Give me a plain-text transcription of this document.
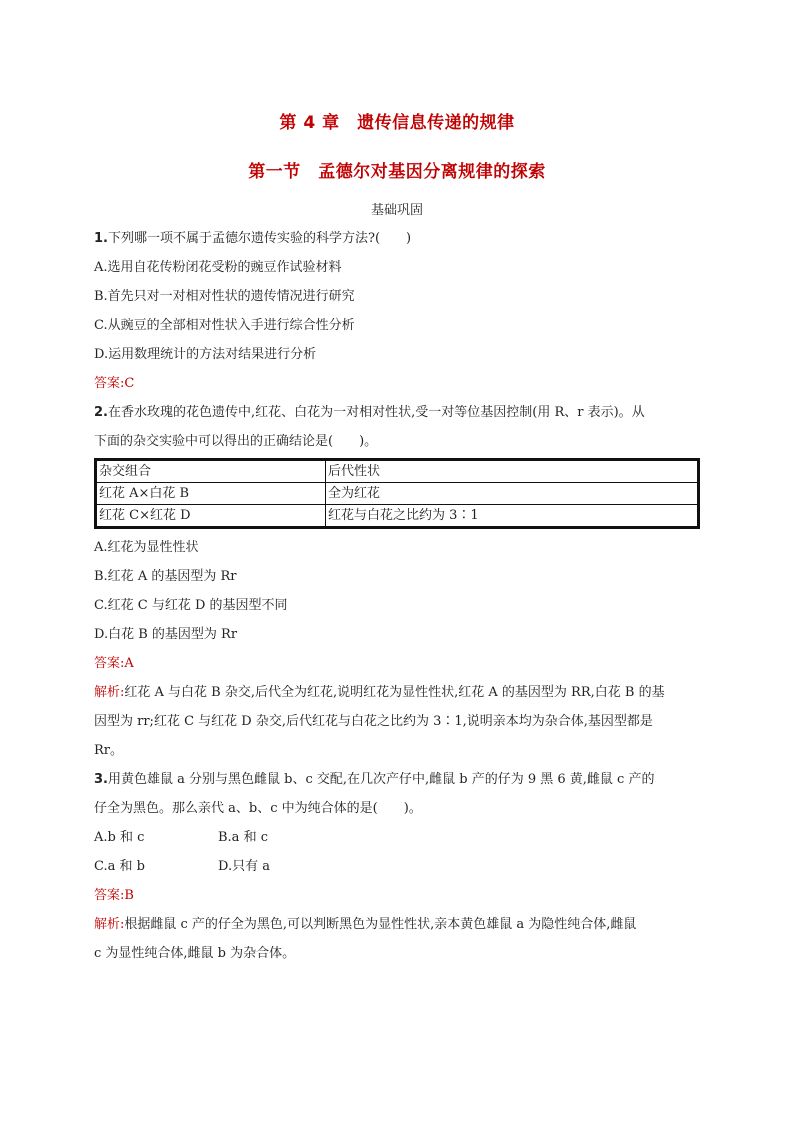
第 4 章　遗传信息传递的规律
第一节　孟德尔对基因分离规律的探索
基础巩固
1.下列哪一项不属于孟德尔遗传实验的科学方法?(　　)
A.选用自花传粉闭花受粉的豌豆作试验材料
B.首先只对一对相对性状的遗传情况进行研究
C.从豌豆的全部相对性状入手进行综合性分析
D.运用数理统计的方法对结果进行分析
答案:C
2.在香水玫瑰的花色遗传中,红花、白花为一对相对性状,受一对等位基因控制(用 R、r 表示)。从
下面的杂交实验中可以得出的正确结论是(　　)。
杂交组合	后代性状
红花 A×白花 B	全为红花
红花 C×红花 D	红花与白花之比约为 3∶1
A.红花为显性性状
B.红花 A 的基因型为 Rr
C.红花 C 与红花 D 的基因型不同
D.白花 B 的基因型为 Rr
答案:A
解析:红花 A 与白花 B 杂交,后代全为红花,说明红花为显性性状,红花 A 的基因型为 RR,白花 B 的基
因型为 rr;红花 C 与红花 D 杂交,后代红花与白花之比约为 3∶1,说明亲本均为杂合体,基因型都是
Rr。
3.用黄色雄鼠 a 分别与黑色雌鼠 b、c 交配,在几次产仔中,雌鼠 b 产的仔为 9 黑 6 黄,雌鼠 c 产的
仔全为黑色。那么亲代 a、b、c 中为纯合体的是(　　)。
A.b 和 c	B.a 和 c
C.a 和 b	D.只有 a
答案:B
解析:根据雌鼠 c 产的仔全为黑色,可以判断黑色为显性性状,亲本黄色雄鼠 a 为隐性纯合体,雌鼠
c 为显性纯合体,雌鼠 b 为杂合体。
